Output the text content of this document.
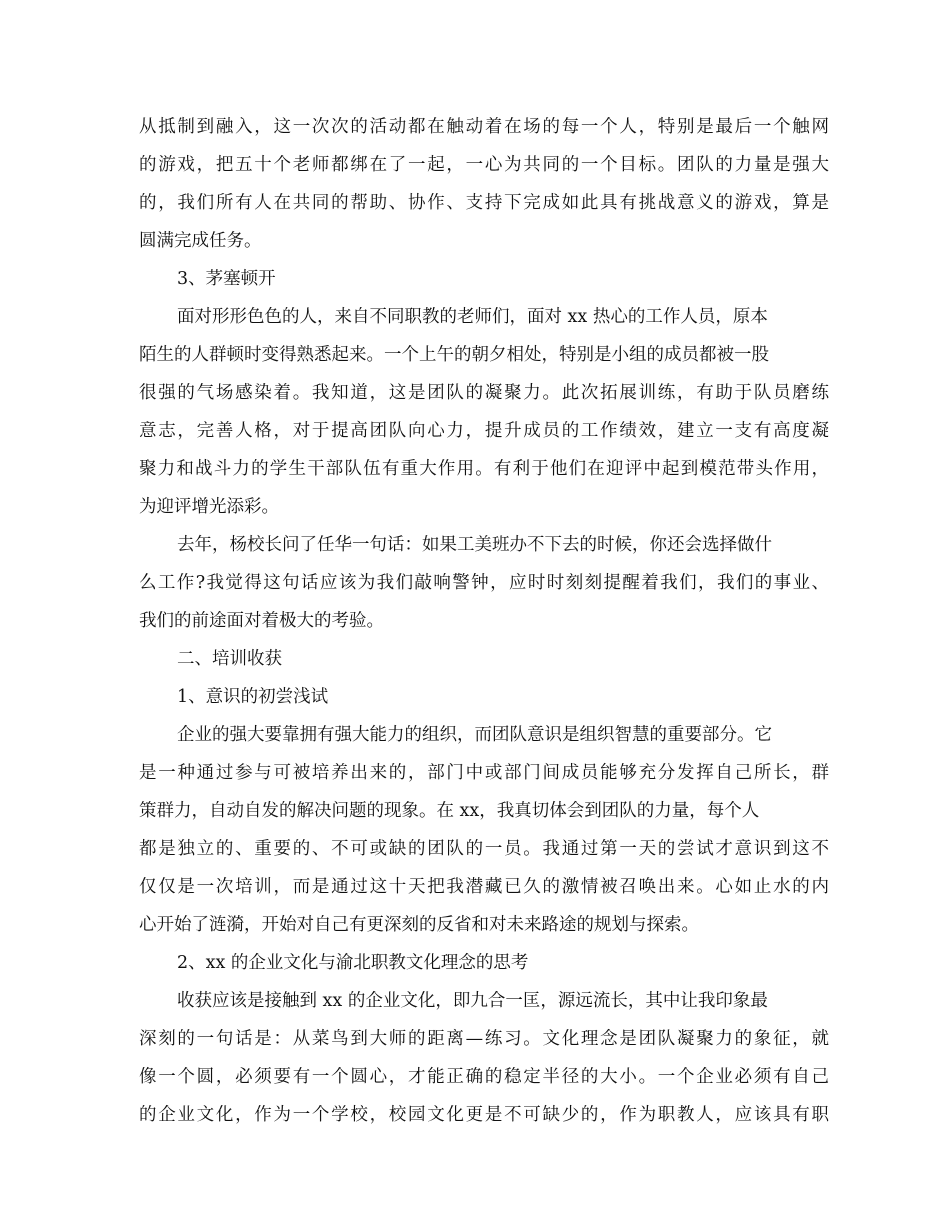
从抵制到融入，这一次次的活动都在触动着在场的每一个人，特别是最后一个触网
的游戏，把五十个老师都绑在了一起，一心为共同的一个目标。团队的力量是强大
的，我们所有人在共同的帮助、协作、支持下完成如此具有挑战意义的游戏，算是
圆满完成任务。
3、茅塞顿开
面对形形色色的人，来自不同职教的老师们，面对 xx 热心的工作人员，原本
陌生的人群顿时变得熟悉起来。一个上午的朝夕相处，特别是小组的成员都被一股
很强的气场感染着。我知道，这是团队的凝聚力。此次拓展训练，有助于队员磨练
意志，完善人格，对于提高团队向心力，提升成员的工作绩效，建立一支有高度凝
聚力和战斗力的学生干部队伍有重大作用。有利于他们在迎评中起到模范带头作用，
为迎评增光添彩。
去年，杨校长问了任华一句话：如果工美班办不下去的时候，你还会选择做什
么工作?我觉得这句话应该为我们敲响警钟，应时时刻刻提醒着我们，我们的事业、
我们的前途面对着极大的考验。
二、培训收获
1、意识的初尝浅试
企业的强大要靠拥有强大能力的组织，而团队意识是组织智慧的重要部分。它
是一种通过参与可被培养出来的，部门中或部门间成员能够充分发挥自己所长，群
策群力，自动自发的解决问题的现象。在 xx，我真切体会到团队的力量，每个人
都是独立的、重要的、不可或缺的团队的一员。我通过第一天的尝试才意识到这不
仅仅是一次培训，而是通过这十天把我潜藏已久的激情被召唤出来。心如止水的内
心开始了涟漪，开始对自己有更深刻的反省和对未来路途的规划与探索。
2、xx 的企业文化与渝北职教文化理念的思考
收获应该是接触到 xx 的企业文化，即九合一匡，源远流长，其中让我印象最
深刻的一句话是：从菜鸟到大师的距离—练习。文化理念是团队凝聚力的象征，就
像一个圆，必须要有一个圆心，才能正确的稳定半径的大小。一个企业必须有自己
的企业文化，作为一个学校，校园文化更是不可缺少的，作为职教人，应该具有职
